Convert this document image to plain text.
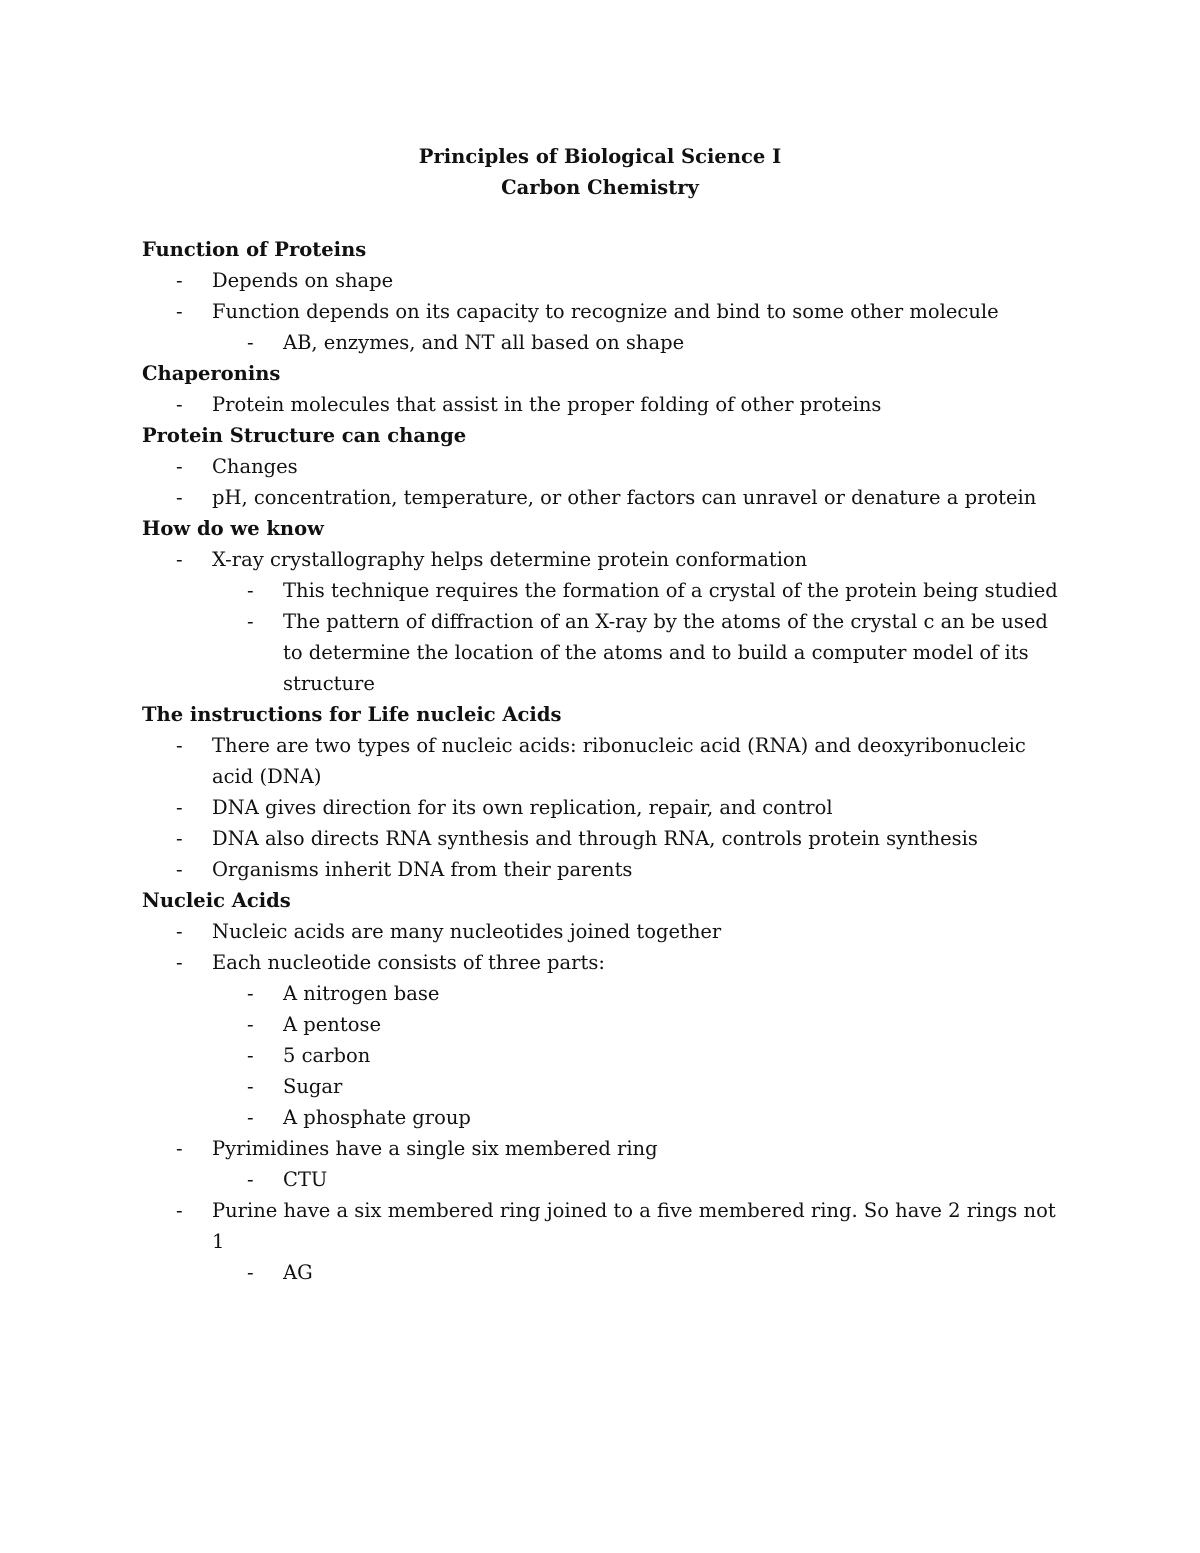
Principles of Biological Science I
Carbon Chemistry
Function of Proteins
- Depends on shape
- Function depends on its capacity to recognize and bind to some other molecule
- AB, enzymes, and NT all based on shape
Chaperonins
- Protein molecules that assist in the proper folding of other proteins
Protein Structure can change
- Changes
- pH, concentration, temperature, or other factors can unravel or denature a protein
How do we know
- X-ray crystallography helps determine protein conformation
- This technique requires the formation of a crystal of the protein being studied
- The pattern of diffraction of an X-ray by the atoms of the crystal c an be used to determine the location of the atoms and to build a computer model of its structure
The instructions for Life nucleic Acids
- There are two types of nucleic acids: ribonucleic acid (RNA) and deoxyribonucleic acid (DNA)
- DNA gives direction for its own replication, repair, and control
- DNA also directs RNA synthesis and through RNA, controls protein synthesis
- Organisms inherit DNA from their parents
Nucleic Acids
- Nucleic acids are many nucleotides joined together
- Each nucleotide consists of three parts:
- A nitrogen base
- A pentose
- 5 carbon
- Sugar
- A phosphate group
- Pyrimidines have a single six membered ring
- CTU
- Purine have a six membered ring joined to a five membered ring. So have 2 rings not 1
- AG
